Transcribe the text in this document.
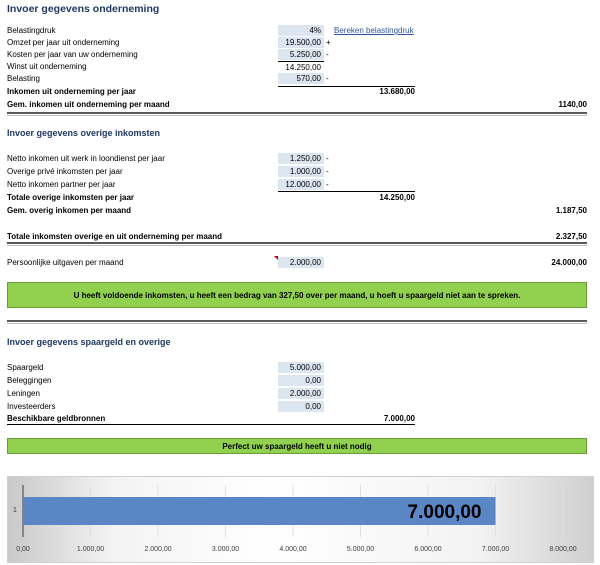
Invoer gegevens onderneming
Belastingdruk	4%	Bereken belastingdruk
Omzet per jaar uit onderneming	19.500,00 +
Kosten per jaar van uw onderneming	5.250,00 -
Winst uit onderneming	14.250,00
Belasting	570,00 -
Inkomen uit onderneming per jaar	13.680,00
Gem. inkomen uit onderneming per maand	1140,00
Invoer gegevens overige inkomsten
Netto inkomen uit werk in loondienst per jaar	1.250,00 -
Overige privé inkomsten per jaar	1.000,00 -
Netto inkomen partner per jaar	12.000,00 -
Totale overige inkomsten per jaar	14.250,00
Gem. overig inkomen per maand	1.187,50
Totale inkomsten overige en uit onderneming per maand	2.327,50
Persoonlijke uitgaven per maand	2.000,00	24.000,00
U heeft voldoende inkomsten, u heeft een bedrag van 327,50 over per maand, u hoeft u spaargeld niet aan te spreken.
Invoer gegevens spaargeld en overige
Spaargeld	5.000,00
Beleggingen	0,00
Leningen	2.000,00
Investeerders	0,00
Beschikbare geldbronnen	7.000,00
Perfect uw spaargeld heeft u niet nodig
0,00	1.000,00	2.000,00	3.000,00	4.000,00	5.000,00	6.000,00	7.000,00	8.000,00
1	7.000,00
